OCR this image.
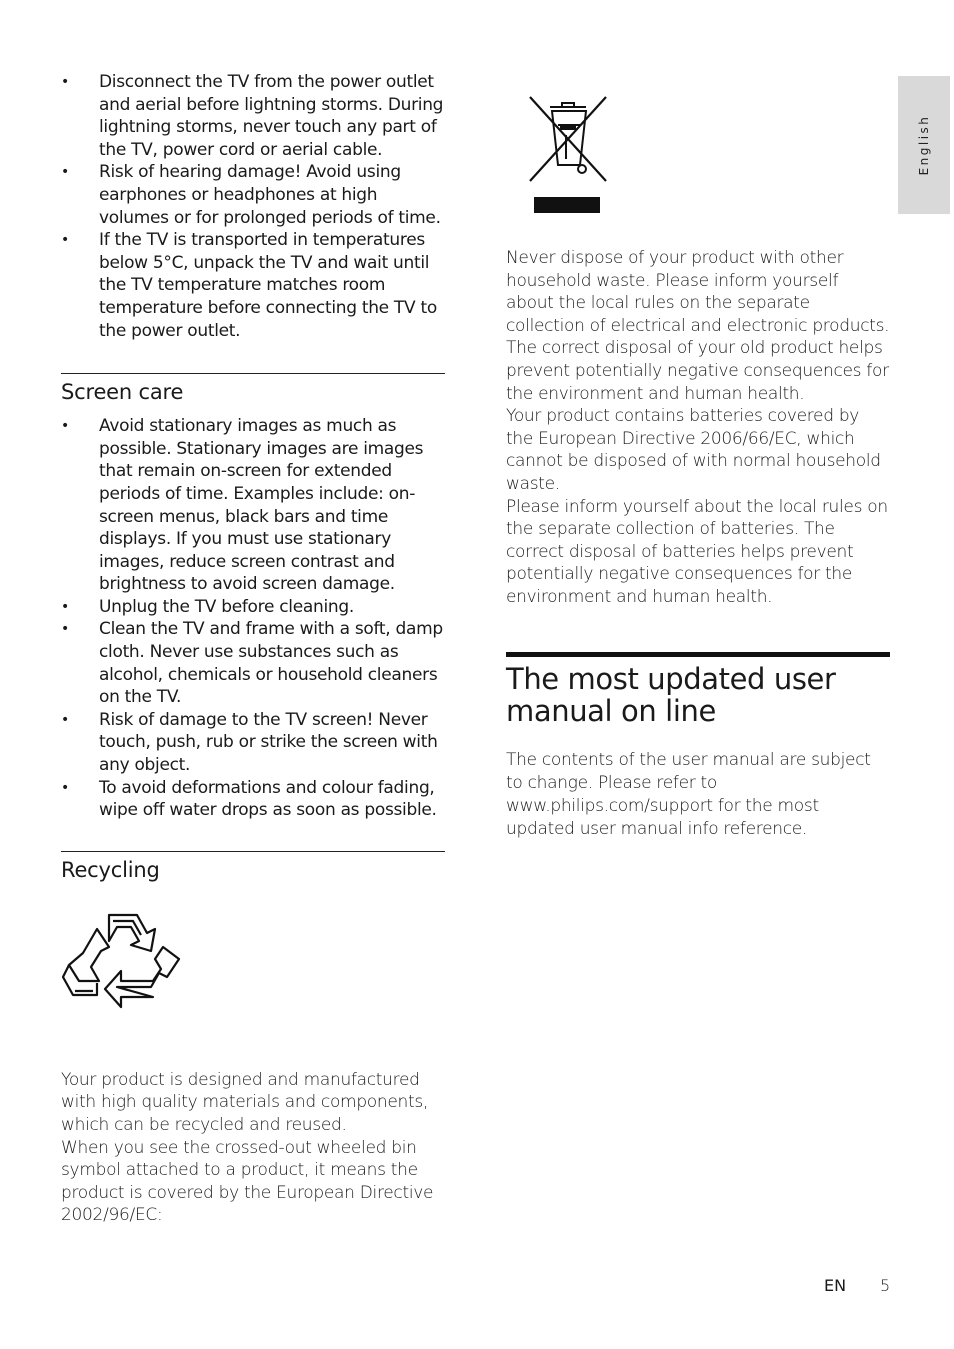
English
• Disconnect the TV from the power outlet and aerial before lightning storms. During lightning storms, never touch any part of the TV, power cord or aerial cable.
• Risk of hearing damage! Avoid using earphones or headphones at high volumes or for prolonged periods of time.
• If the TV is transported in temperatures below 5°C, unpack the TV and wait until the TV temperature matches room temperature before connecting the TV to the power outlet.
Screen care
• Avoid stationary images as much as possible. Stationary images are images that remain on-screen for extended periods of time. Examples include: on-screen menus, black bars and time displays. If you must use stationary images, reduce screen contrast and brightness to avoid screen damage.
• Unplug the TV before cleaning.
• Clean the TV and frame with a soft, damp cloth. Never use substances such as alcohol, chemicals or household cleaners on the TV.
• Risk of damage to the TV screen! Never touch, push, rub or strike the screen with any object.
• To avoid deformations and colour fading, wipe off water drops as soon as possible.
Recycling

Your product is designed and manufactured with high quality materials and components, which can be recycled and reused.

When you see the crossed-out wheeled bin symbol attached to a product, it means the product is covered by the European Directive 2002/96/EC:

Never dispose of your product with other household waste. Please inform yourself about the local rules on the separate collection of electrical and electronic products. The correct disposal of your old product helps prevent potentially negative consequences for the environment and human health.

Your product contains batteries covered by the European Directive 2006/66/EC, which cannot be disposed of with normal household waste.

Please inform yourself about the local rules on the separate collection of batteries. The correct disposal of batteries helps prevent potentially negative consequences for the environment and human health.

The most updated user manual on line

The contents of the user manual are subject to change. Please refer to www.philips.com/support for the most updated user manual info reference.

EN 5
